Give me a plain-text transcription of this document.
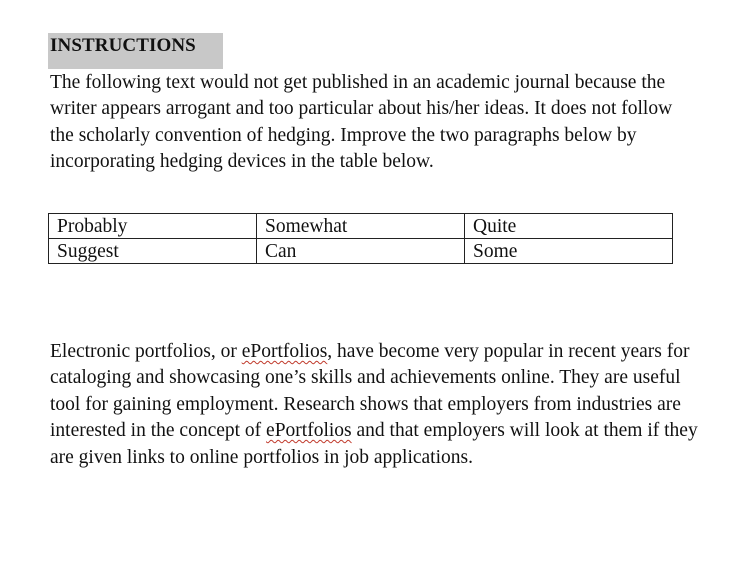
INSTRUCTIONS

The following text would not get published in an academic journal because the writer appears arrogant and too particular about his/her ideas. It does not follow the scholarly convention of hedging. Improve the two paragraphs below by incorporating hedging devices in the table below.

Probably	Somewhat	Quite
Suggest	Can	Some

Electronic portfolios, or ePortfolios, have become very popular in recent years for cataloging and showcasing one’s skills and achievements online. They are useful tool for gaining employment. Research shows that employers from industries are interested in the concept of ePortfolios and that employers will look at them if they are given links to online portfolios in job applications.
